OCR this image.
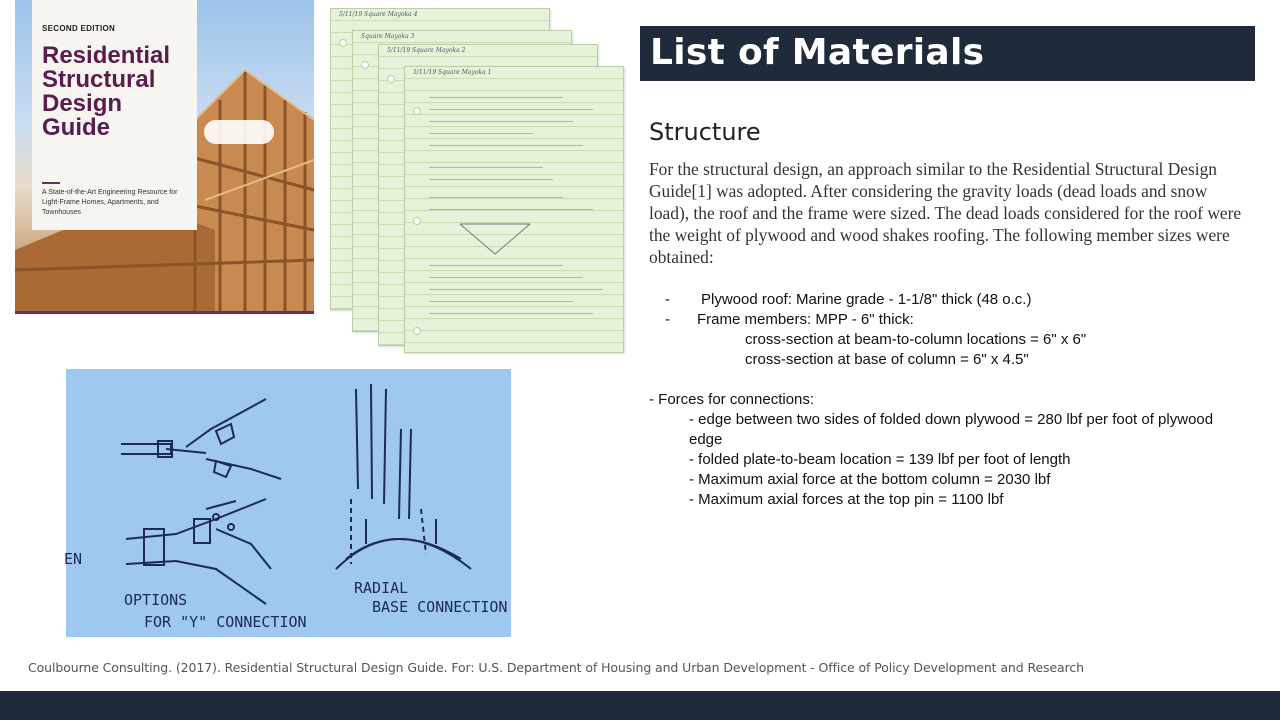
SECOND EDITION
Residential Structural Design Guide
A State-of-the-Art Engineering Resource for Light-Frame Homes, Apartments, and Townhouses
5/11/19 Square Mayoka 4
Square Mayoka 3
5/11/19 Square Mayoka 2
5/11/19 Square Mayoka 1
EN
OPTIONS
FOR "Y" CONNECTION
RADIAL
BASE CONNECTION
List of Materials
Structure
For the structural design, an approach similar to the Residential Structural Design Guide[1] was adopted. After considering the gravity loads (dead loads and snow load), the roof and the frame were sized. The dead loads considered for the roof were the weight of plywood and wood shakes roofing. The following member sizes were obtained:
- Plywood roof: Marine grade - 1-1/8" thick (48 o.c.)
- Frame members: MPP - 6" thick:
cross-section at beam-to-column locations = 6" x 6"
cross-section at base of column = 6" x 4.5"
- Forces for connections:
- edge between two sides of folded down plywood = 280 lbf per foot of plywood edge
- folded plate-to-beam location = 139 lbf per foot of length
- Maximum axial force at the bottom column = 2030 lbf
- Maximum axial forces at the top pin = 1100 lbf
Coulbourne Consulting. (2017). Residential Structural Design Guide. For: U.S. Department of Housing and Urban Development - Office of Policy Development and Research
